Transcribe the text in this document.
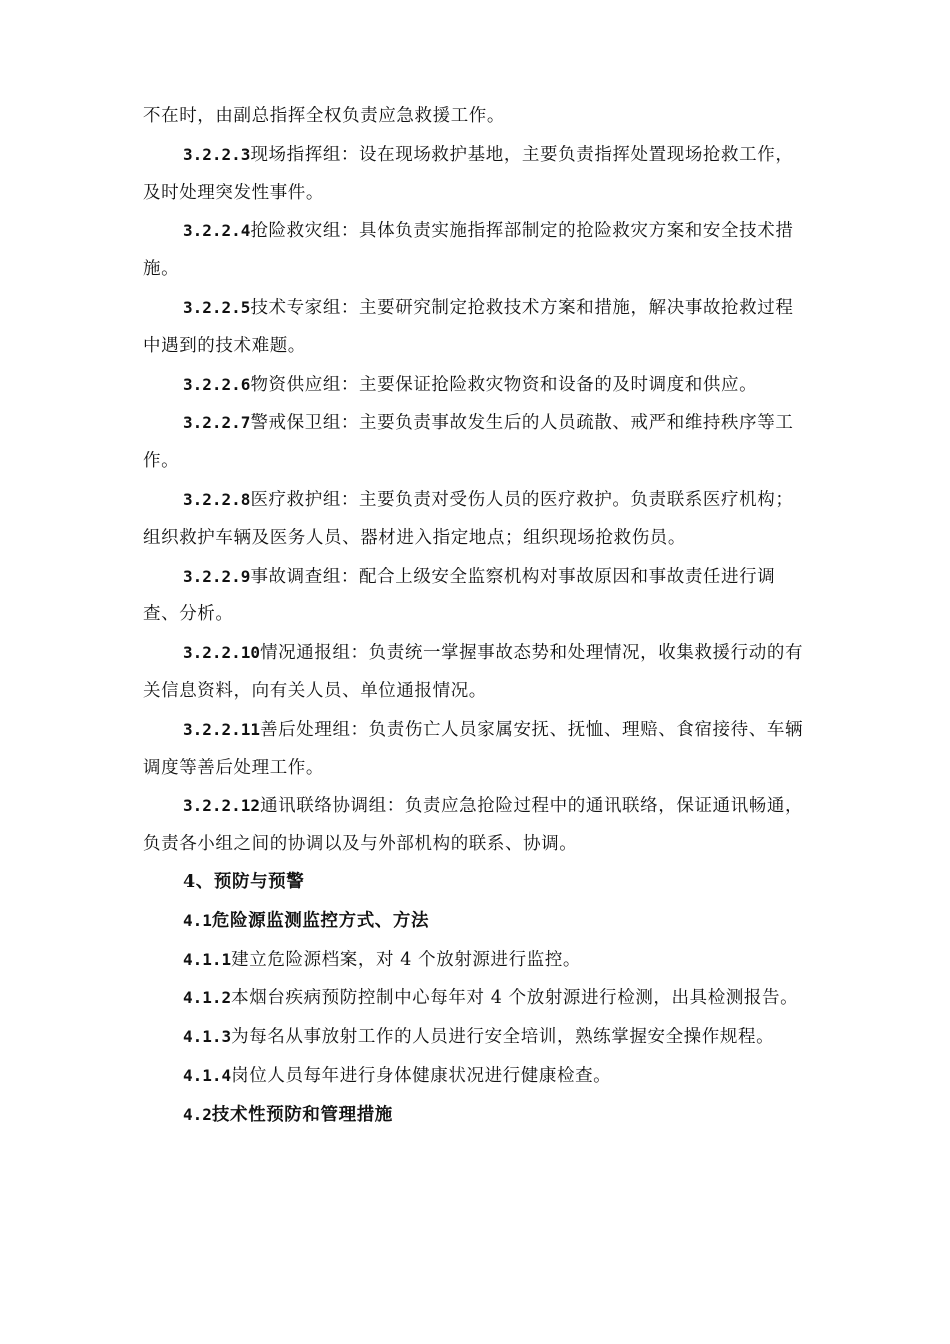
不在时，由副总指挥全权负责应急救援工作。

3.2.2.3现场指挥组：设在现场救护基地，主要负责指挥处置现场抢救工作，及时处理突发性事件。

3.2.2.4抢险救灾组：具体负责实施指挥部制定的抢险救灾方案和安全技术措施。

3.2.2.5技术专家组：主要研究制定抢救技术方案和措施，解决事故抢救过程中遇到的技术难题。

3.2.2.6物资供应组：主要保证抢险救灾物资和设备的及时调度和供应。

3.2.2.7警戒保卫组：主要负责事故发生后的人员疏散、戒严和维持秩序等工作。

3.2.2.8医疗救护组：主要负责对受伤人员的医疗救护。负责联系医疗机构；组织救护车辆及医务人员、器材进入指定地点；组织现场抢救伤员。

3.2.2.9事故调查组：配合上级安全监察机构对事故原因和事故责任进行调查、分析。

3.2.2.10情况通报组：负责统一掌握事故态势和处理情况，收集救援行动的有关信息资料，向有关人员、单位通报情况。

3.2.2.11善后处理组：负责伤亡人员家属安抚、抚恤、理赔、食宿接待、车辆调度等善后处理工作。

3.2.2.12通讯联络协调组：负责应急抢险过程中的通讯联络，保证通讯畅通，负责各小组之间的协调以及与外部机构的联系、协调。

4、预防与预警

4.1危险源监测监控方式、方法

4.1.1建立危险源档案，对 4 个放射源进行监控。

4.1.2本烟台疾病预防控制中心每年对 4 个放射源进行检测，出具检测报告。

4.1.3为每名从事放射工作的人员进行安全培训，熟练掌握安全操作规程。

4.1.4岗位人员每年进行身体健康状况进行健康检查。

4.2技术性预防和管理措施
